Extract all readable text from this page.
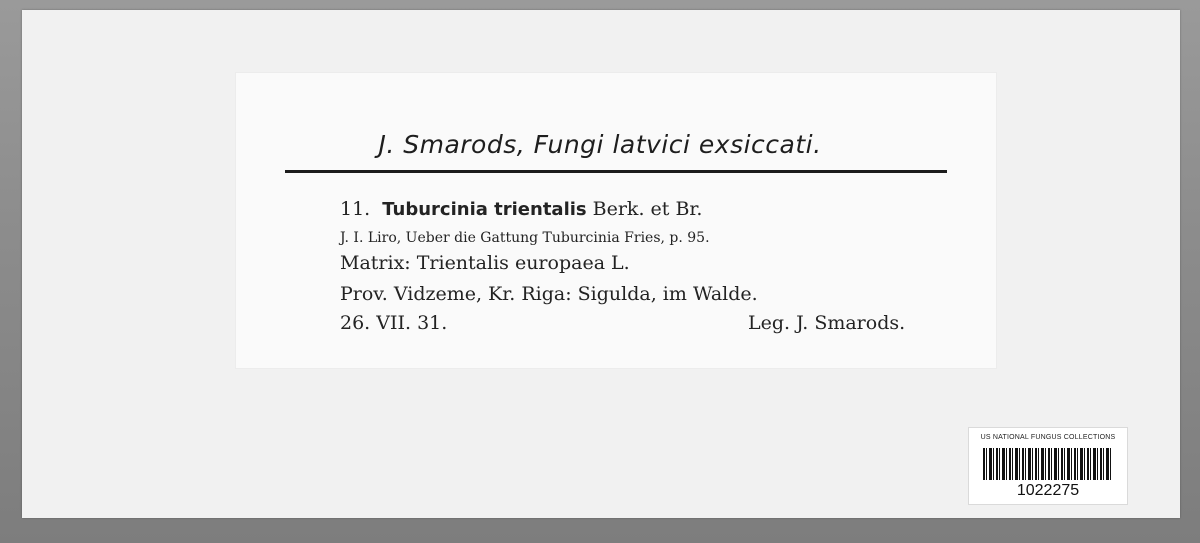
J. Smarods, Fungi latvici exsiccati.
11. Tuburcinia trientalis Berk. et Br.
J. I. Liro, Ueber die Gattung Tuburcinia Fries, p. 95.
Matrix: Trientalis europaea L.
Prov. Vidzeme, Kr. Riga: Sigulda, im Walde.
26. VII. 31.	Leg. J. Smarods.
US NATIONAL FUNGUS COLLECTIONS
1022275
